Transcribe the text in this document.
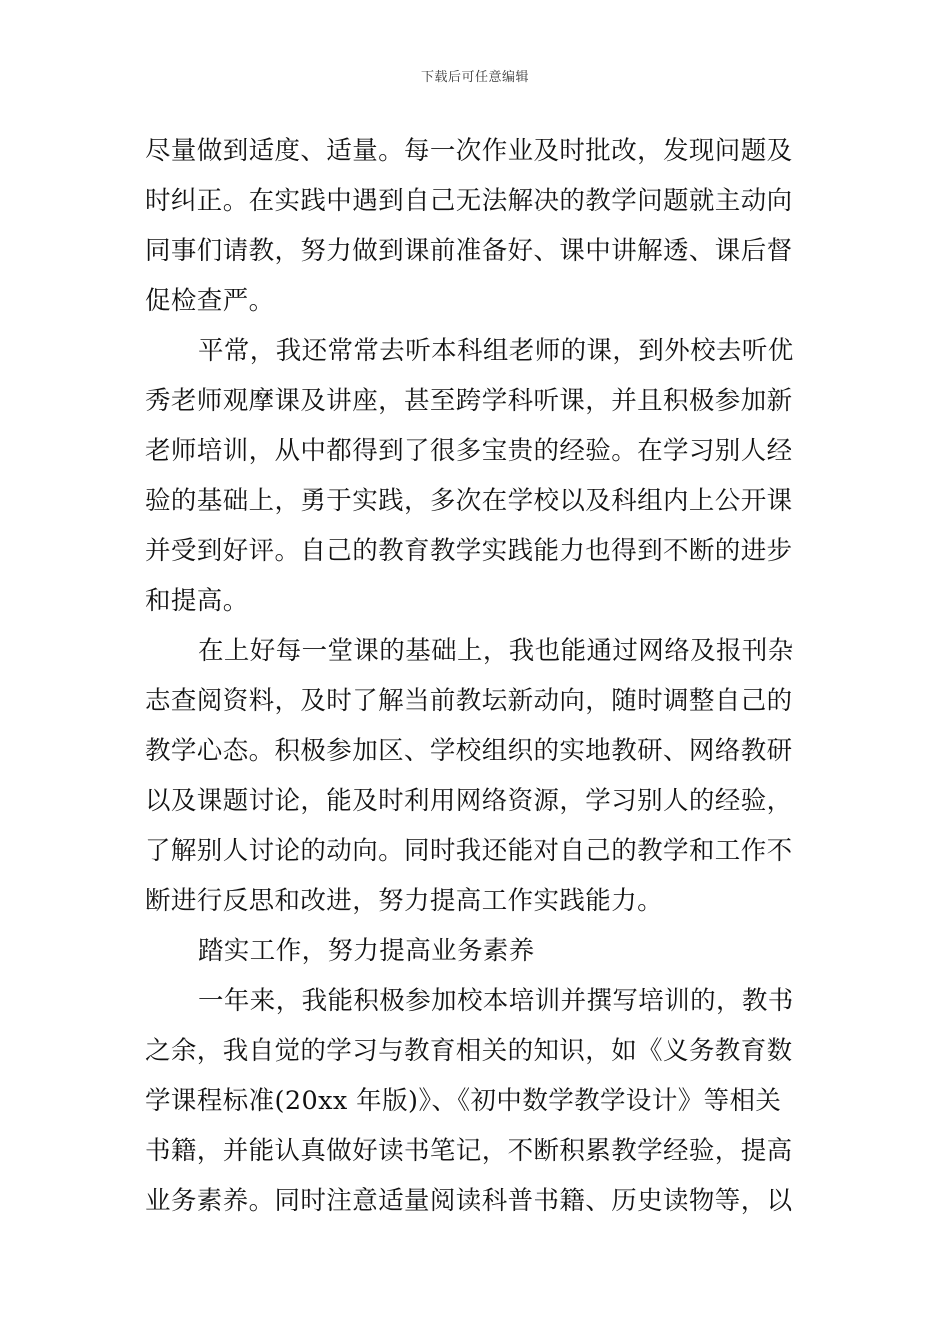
下载后可任意编辑
尽量做到适度、适量。每一次作业及时批改，发现问题及
时纠正。在实践中遇到自己无法解决的教学问题就主动向
同事们请教，努力做到课前准备好、课中讲解透、课后督
促检查严。
平常，我还常常去听本科组老师的课，到外校去听优
秀老师观摩课及讲座，甚至跨学科听课，并且积极参加新
老师培训，从中都得到了很多宝贵的经验。在学习别人经
验的基础上，勇于实践，多次在学校以及科组内上公开课
并受到好评。自己的教育教学实践能力也得到不断的进步
和提高。
在上好每一堂课的基础上，我也能通过网络及报刊杂
志查阅资料，及时了解当前教坛新动向，随时调整自己的
教学心态。积极参加区、学校组织的实地教研、网络教研
以及课题讨论，能及时利用网络资源，学习别人的经验，
了解别人讨论的动向。同时我还能对自己的教学和工作不
断进行反思和改进，努力提高工作实践能力。
踏实工作，努力提高业务素养
一年来，我能积极参加校本培训并撰写培训的，教书
之余，我自觉的学习与教育相关的知识，如《义务教育数
学课程标准(20xx 年版)》、《初中数学教学设计》等相关
书籍，并能认真做好读书笔记，不断积累教学经验，提高
业务素养。同时注意适量阅读科普书籍、历史读物等，以
